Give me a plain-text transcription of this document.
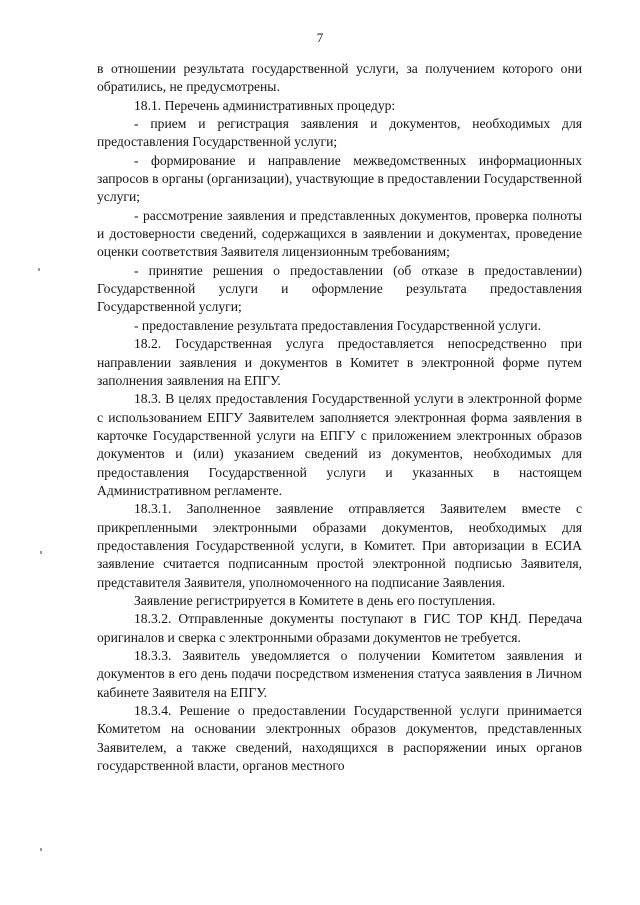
7

в отношении результата государственной услуги, за получением которого они обратились, не предусмотрены.

18.1. Перечень административных процедур:

- прием и регистрация заявления и документов, необходимых для предоставления Государственной услуги;

- формирование и направление межведомственных информационных запросов в органы (организации), участвующие в предоставлении Государственной услуги;

- рассмотрение заявления и представленных документов, проверка полноты и достоверности сведений, содержащихся в заявлении и документах, проведение оценки соответствия Заявителя лицензионным требованиям;

- принятие решения о предоставлении (об отказе в предоставлении) Государственной услуги и оформление результата предоставления Государственной услуги;

- предоставление результата предоставления Государственной услуги.

18.2. Государственная услуга предоставляется непосредственно при направлении заявления и документов в Комитет в электронной форме путем заполнения заявления на ЕПГУ.

18.3. В целях предоставления Государственной услуги в электронной форме с использованием ЕПГУ Заявителем заполняется электронная форма заявления в карточке Государственной услуги на ЕПГУ с приложением электронных образов документов и (или) указанием сведений из документов, необходимых для предоставления Государственной услуги и указанных в настоящем Административном регламенте.

18.3.1. Заполненное заявление отправляется Заявителем вместе с прикрепленными электронными образами документов, необходимых для предоставления Государственной услуги, в Комитет. При авторизации в ЕСИА заявление считается подписанным простой электронной подписью Заявителя, представителя Заявителя, уполномоченного на подписание Заявления.

Заявление регистрируется в Комитете в день его поступления.

18.3.2. Отправленные документы поступают в ГИС ТОР КНД. Передача оригиналов и сверка с электронными образами документов не требуется.

18.3.3. Заявитель уведомляется о получении Комитетом заявления и документов в его день подачи посредством изменения статуса заявления в Личном кабинете Заявителя на ЕПГУ.

18.3.4. Решение о предоставлении Государственной услуги принимается Комитетом на основании электронных образов документов, представленных Заявителем, а также сведений, находящихся в распоряжении иных органов государственной власти, органов местного
